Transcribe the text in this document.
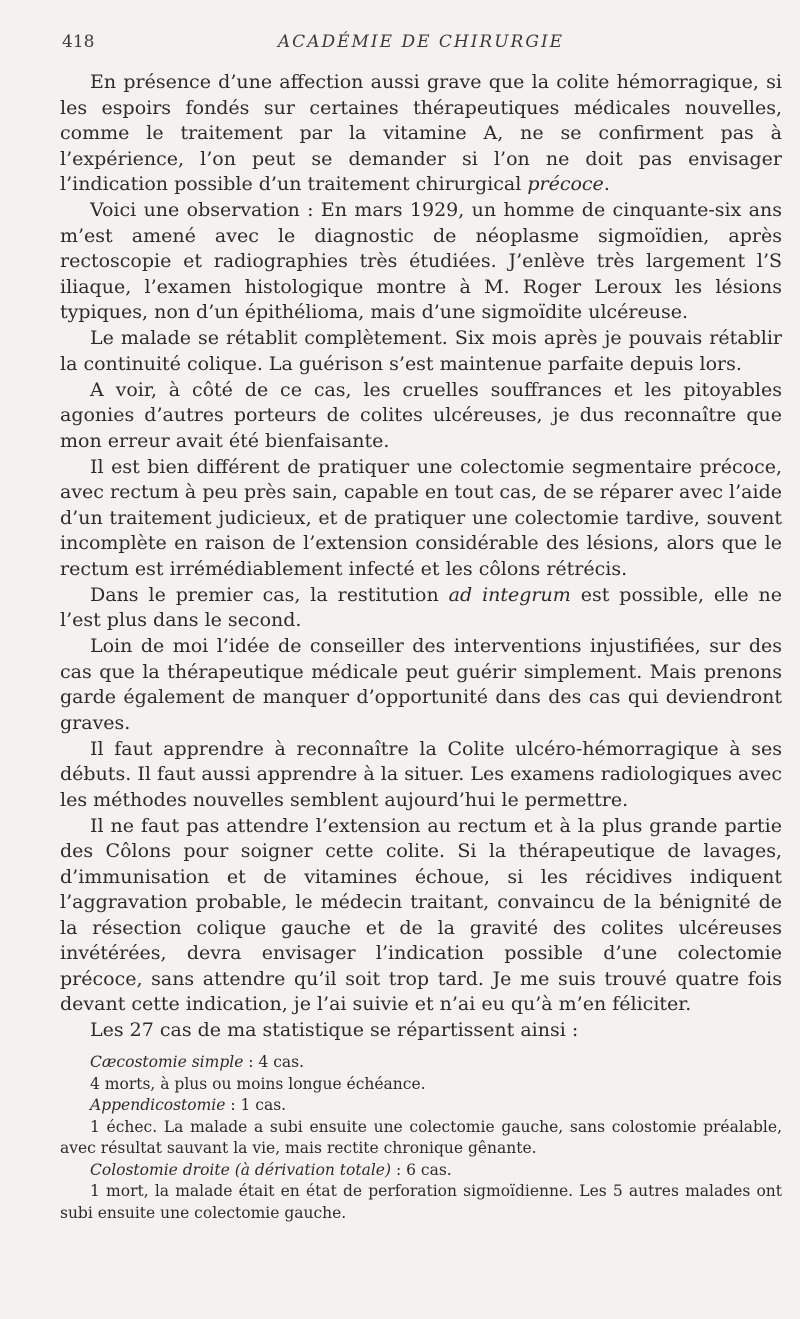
418	ACADÉMIE DE CHIRURGIE

En présence d’une affection aussi grave que la colite hémorragique, si les espoirs fondés sur certaines thérapeutiques médicales nouvelles, comme le traitement par la vitamine A, ne se confirment pas à l’expérience, l’on peut se demander si l’on ne doit pas envisager l’indication possible d’un traitement chirurgical précoce.

Voici une observation : En mars 1929, un homme de cinquante-six ans m’est amené avec le diagnostic de néoplasme sigmoïdien, après rectoscopie et radiographies très étudiées. J’enlève très largement l’S iliaque, l’examen histologique montre à M. Roger Leroux les lésions typiques, non d’un épithélioma, mais d’une sigmoïdite ulcéreuse.

Le malade se rétablit complètement. Six mois après je pouvais rétablir la continuité colique. La guérison s’est maintenue parfaite depuis lors.

A voir, à côté de ce cas, les cruelles souffrances et les pitoyables agonies d’autres porteurs de colites ulcéreuses, je dus reconnaître que mon erreur avait été bienfaisante.

Il est bien différent de pratiquer une colectomie segmentaire précoce, avec rectum à peu près sain, capable en tout cas, de se réparer avec l’aide d’un traitement judicieux, et de pratiquer une colectomie tardive, souvent incomplète en raison de l’extension considérable des lésions, alors que le rectum est irrémédiablement infecté et les côlons rétrécis.

Dans le premier cas, la restitution ad integrum est possible, elle ne l’est plus dans le second.

Loin de moi l’idée de conseiller des interventions injustifiées, sur des cas que la thérapeutique médicale peut guérir simplement. Mais prenons garde également de manquer d’opportunité dans des cas qui deviendront graves.

Il faut apprendre à reconnaître la Colite ulcéro-hémorragique à ses débuts. Il faut aussi apprendre à la situer. Les examens radiologiques avec les méthodes nouvelles semblent aujourd’hui le permettre.

Il ne faut pas attendre l’extension au rectum et à la plus grande partie des Côlons pour soigner cette colite. Si la thérapeutique de lavages, d’immunisation et de vitamines échoue, si les récidives indiquent l’aggravation probable, le médecin traitant, convaincu de la bénignité de la résection colique gauche et de la gravité des colites ulcéreuses invétérées, devra envisager l’indication possible d’une colectomie précoce, sans attendre qu’il soit trop tard. Je me suis trouvé quatre fois devant cette indication, je l’ai suivie et n’ai eu qu’à m’en féliciter.

Les 27 cas de ma statistique se répartissent ainsi :

Cæcostomie simple : 4 cas.

4 morts, à plus ou moins longue échéance.

Appendicostomie : 1 cas.

1 échec. La malade a subi ensuite une colectomie gauche, sans colostomie préalable, avec résultat sauvant la vie, mais rectite chronique gênante.

Colostomie droite (à dérivation totale) : 6 cas.

1 mort, la malade était en état de perforation sigmoïdienne. Les 5 autres malades ont subi ensuite une colectomie gauche.
